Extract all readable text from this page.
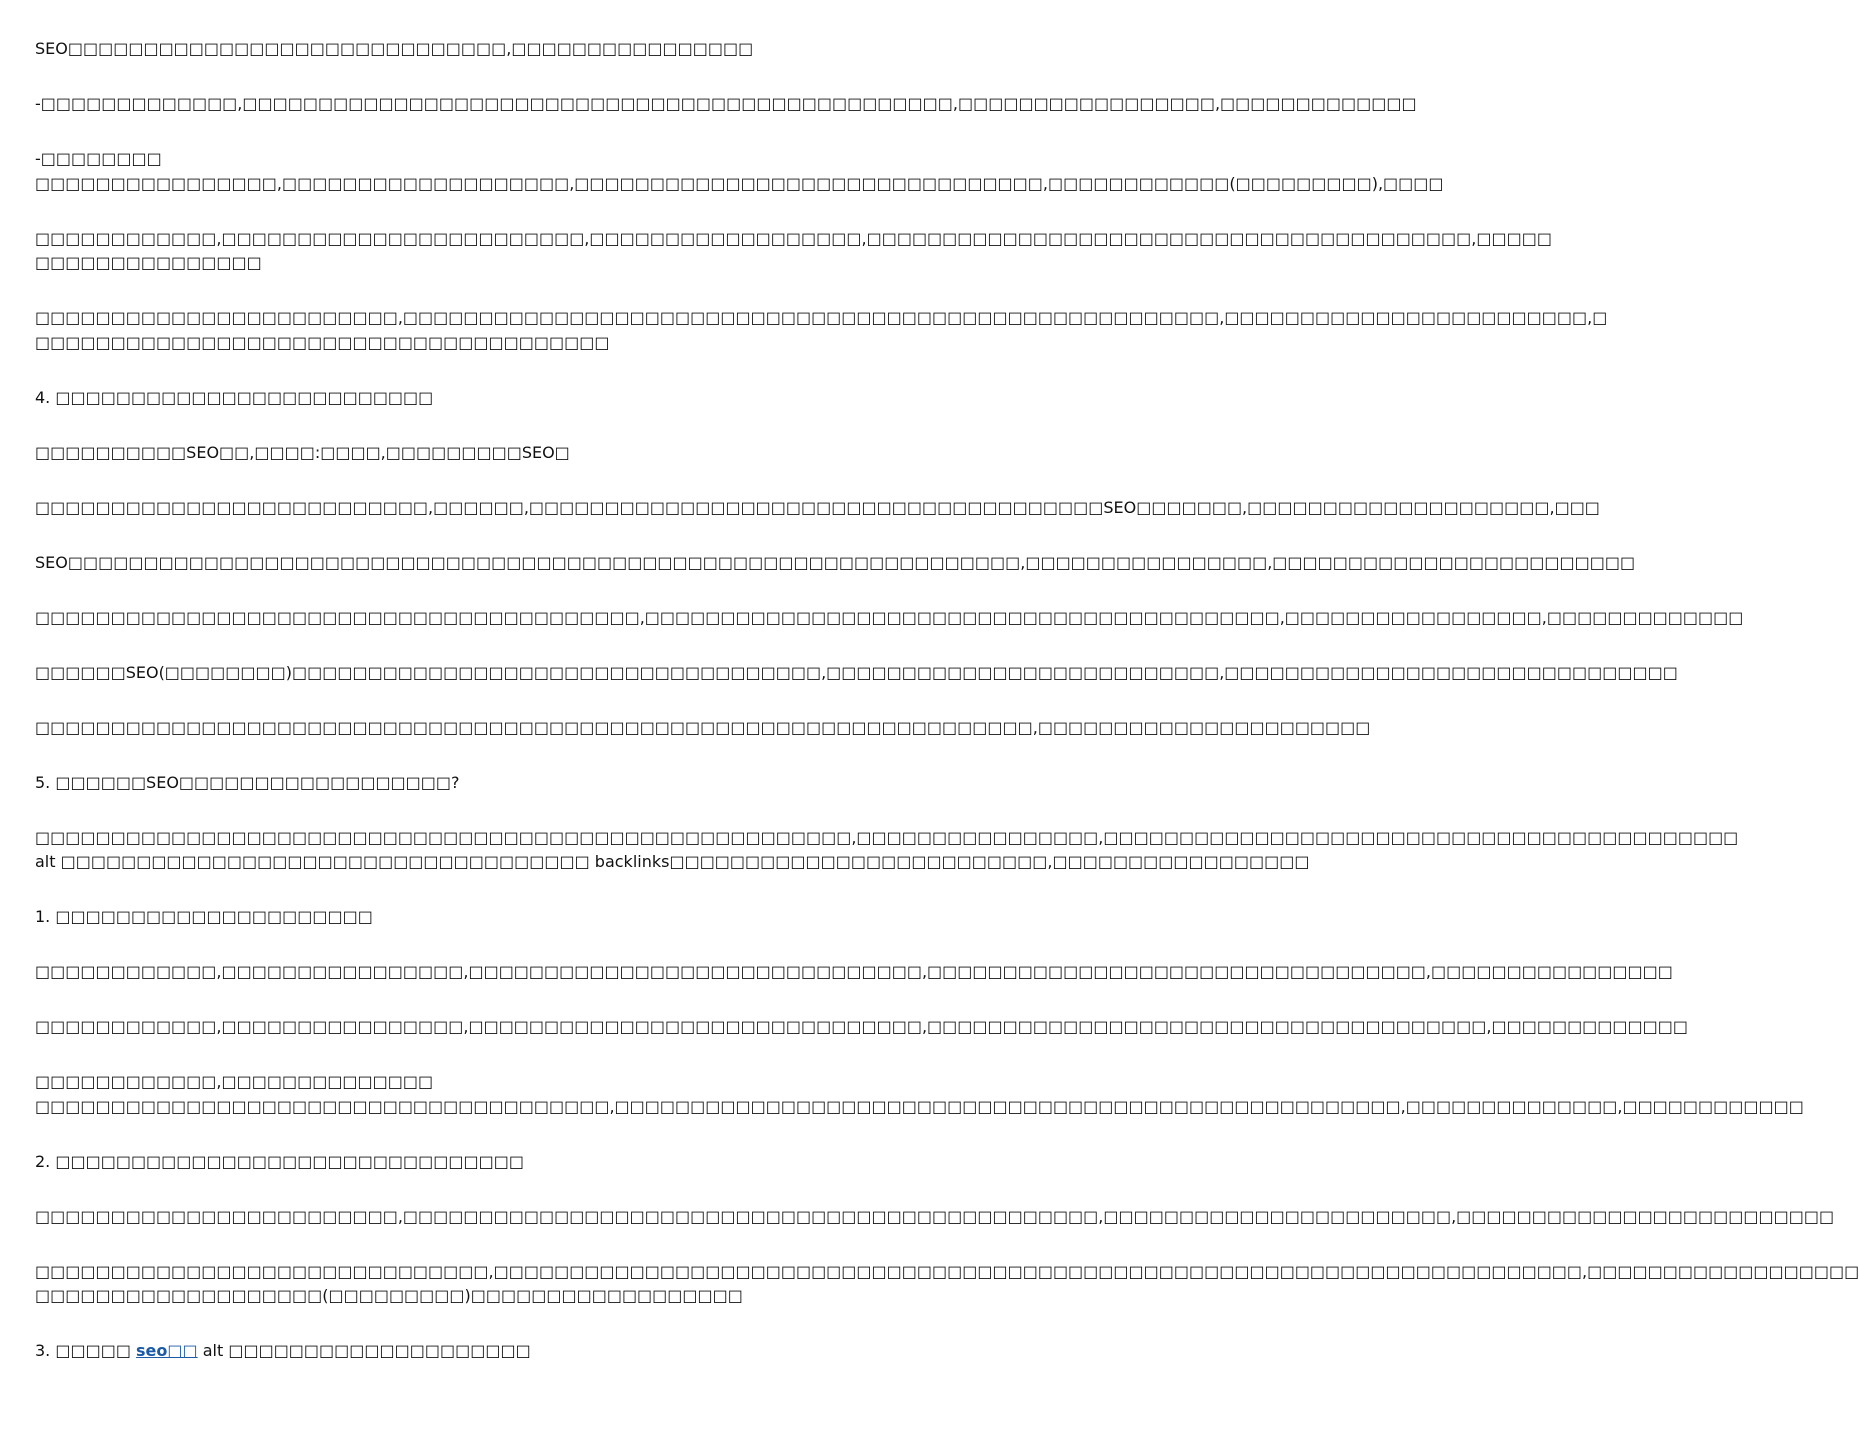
SEO□□□□□□□□□□□□□□□□□□□□□□□□□□□□□,□□□□□□□□□□□□□□□□

-□□□□□□□□□□□□□,□□□□□□□□□□□□□□□□□□□□□□□□□□□□□□□□□□□□□□□□□□□□□□□,□□□□□□□□□□□□□□□□□,□□□□□□□□□□□□□

-□□□□□□□□
□□□□□□□□□□□□□□□□,□□□□□□□□□□□□□□□□□□□,□□□□□□□□□□□□□□□□□□□□□□□□□□□□□□□,□□□□□□□□□□□□(□□□□□□□□□),□□□□

□□□□□□□□□□□□,□□□□□□□□□□□□□□□□□□□□□□□□,□□□□□□□□□□□□□□□□□□,□□□□□□□□□□□□□□□□□□□□□□□□□□□□□□□□□□□□□□□□,□□□□□
□□□□□□□□□□□□□□□

□□□□□□□□□□□□□□□□□□□□□□□□,□□□□□□□□□□□□□□□□□□□□□□□□□□□□□□□□□□□□□□□□□□□□□□□□□□□□□□,□□□□□□□□□□□□□□□□□□□□□□□□,□
□□□□□□□□□□□□□□□□□□□□□□□□□□□□□□□□□□□□□□

4. □□□□□□□□□□□□□□□□□□□□□□□□□

□□□□□□□□□□SEO□□,□□□□:□□□□,□□□□□□□□□SEO□

□□□□□□□□□□□□□□□□□□□□□□□□□□,□□□□□□,□□□□□□□□□□□□□□□□□□□□□□□□□□□□□□□□□□□□□□SEO□□□□□□□,□□□□□□□□□□□□□□□□□□□□,□□□

SEO□□□□□□□□□□□□□□□□□□□□□□□□□□□□□□□□□□□□□□□□□□□□□□□□□□□□□□□□□□□□□□□,□□□□□□□□□□□□□□□□,□□□□□□□□□□□□□□□□□□□□□□□□

□□□□□□□□□□□□□□□□□□□□□□□□□□□□□□□□□□□□□□□□,□□□□□□□□□□□□□□□□□□□□□□□□□□□□□□□□□□□□□□□□□□,□□□□□□□□□□□□□□□□□,□□□□□□□□□□□□□

□□□□□□SEO(□□□□□□□□)□□□□□□□□□□□□□□□□□□□□□□□□□□□□□□□□□□□,□□□□□□□□□□□□□□□□□□□□□□□□□□,□□□□□□□□□□□□□□□□□□□□□□□□□□□□□□

□□□□□□□□□□□□□□□□□□□□□□□□□□□□□□□□□□□□□□□□□□□□□□□□□□□□□□□□□□□□□□□□□□,□□□□□□□□□□□□□□□□□□□□□□

5. □□□□□□SEO□□□□□□□□□□□□□□□□□□?

□□□□□□□□□□□□□□□□□□□□□□□□□□□□□□□□□□□□□□□□□□□□□□□□□□□□□□,□□□□□□□□□□□□□□□□,□□□□□□□□□□□□□□□□□□□□□□□□□□□□□□□□□□□□□□□□□□
alt □□□□□□□□□□□□□□□□□□□□□□□□□□□□□□□□□□□ backlinks□□□□□□□□□□□□□□□□□□□□□□□□□,□□□□□□□□□□□□□□□□□

1. □□□□□□□□□□□□□□□□□□□□□

□□□□□□□□□□□□,□□□□□□□□□□□□□□□□,□□□□□□□□□□□□□□□□□□□□□□□□□□□□□□,□□□□□□□□□□□□□□□□□□□□□□□□□□□□□□□□□,□□□□□□□□□□□□□□□□

□□□□□□□□□□□□,□□□□□□□□□□□□□□□□,□□□□□□□□□□□□□□□□□□□□□□□□□□□□□□,□□□□□□□□□□□□□□□□□□□□□□□□□□□□□□□□□□□□□,□□□□□□□□□□□□□

□□□□□□□□□□□□,□□□□□□□□□□□□□□
□□□□□□□□□□□□□□□□□□□□□□□□□□□□□□□□□□□□□□,□□□□□□□□□□□□□□□□□□□□□□□□□□□□□□□□□□□□□□□□□□□□□□□□□□□□,□□□□□□□□□□□□□□,□□□□□□□□□□□□

2. □□□□□□□□□□□□□□□□□□□□□□□□□□□□□□□

□□□□□□□□□□□□□□□□□□□□□□□□,□□□□□□□□□□□□□□□□□□□□□□□□□□□□□□□□□□□□□□□□□□□□□□,□□□□□□□□□□□□□□□□□□□□□□□,□□□□□□□□□□□□□□□□□□□□□□□□□

□□□□□□□□□□□□□□□□□□□□□□□□□□□□□□,□□□□□□□□□□□□□□□□□□□□□□□□□□□□□□□□□□□□□□□□□□□□□□□□□□□□□□□□□□□□□□□□□□□□□□□□,□□□□□□□□□□□□□□□□□□
□□□□□□□□□□□□□□□□□□□(□□□□□□□□□)□□□□□□□□□□□□□□□□□□

3. □□□□□ seo□□ alt □□□□□□□□□□□□□□□□□□□□
